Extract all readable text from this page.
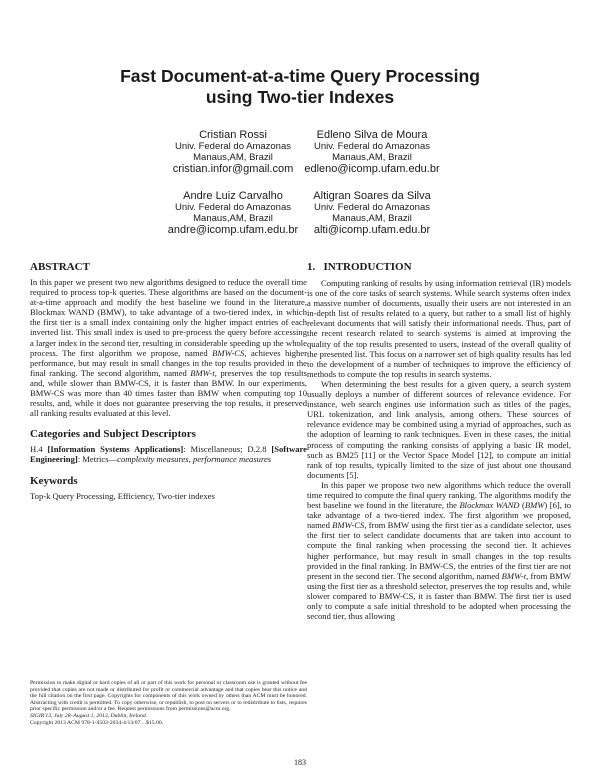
Fast Document-at-a-time Query Processing
using Two-tier Indexes
Cristian Rossi
Univ. Federal do Amazonas
Manaus,AM, Brazil
cristian.infor@gmail.com
Edleno Silva de Moura
Univ. Federal do Amazonas
Manaus,AM, Brazil
edleno@icomp.ufam.edu.br
Andre Luiz Carvalho
Univ. Federal do Amazonas
Manaus,AM, Brazil
andre@icomp.ufam.edu.br
Altigran Soares da Silva
Univ. Federal do Amazonas
Manaus,AM, Brazil
alti@icomp.ufam.edu.br
ABSTRACT

In this paper we present two new algorithms designed to reduce the overall time required to process top-k queries. These algorithms are based on the document-at-a-time approach and modify the best baseline we found in the literature, Blockmax WAND (BMW), to take advantage of a two-tiered index, in which the first tier is a small index containing only the higher impact entries of each inverted list. This small index is used to pre-process the query before accessing a larger index in the second tier, resulting in considerable speeding up the whole process. The first algorithm we propose, named BMW-CS, achieves higher performance, but may result in small changes in the top results provided in the final ranking. The second algorithm, named BMW-t, preserves the top results and, while slower than BMW-CS, it is faster than BMW. In our experiments, BMW-CS was more than 40 times faster than BMW when computing top 10 results, and, while it does not guarantee preserving the top results, it preserved all ranking results evaluated at this level.

Categories and Subject Descriptors

H.4 [Information Systems Applications]: Miscellaneous; D.2.8 [Software Engineering]: Metrics—complexity measures, performance measures

Keywords

Top-k Query Processing, Efficiency, Two-tier indexes

Permission to make digital or hard copies of all or part of this work for personal or classroom use is granted without fee provided that copies are not made or distributed for profit or commercial advantage and that copies bear this notice and the full citation on the first page. Copyrights for components of this work owned by others than ACM must be honored. Abstracting with credit is permitted. To copy otherwise, or republish, to post on servers or to redistribute to lists, requires prior specific permission and/or a fee. Request permissions from permissions@acm.org.
SIGIR'13, July 28–August 1, 2013, Dublin, Ireland.
Copyright 2013 ACM 978-1-4503-2034-4/13/07 ...$15.00.
1.   INTRODUCTION

Computing ranking of results by using information retrieval (IR) models is one of the core tasks of search systems. While search systems often index a massive number of documents, usually their users are not interested in an in-depth list of results related to a query, but rather to a small list of highly relevant documents that will satisfy their informational needs. Thus, part of the recent research related to search systems is aimed at improving the quality of the top results presented to users, instead of the overall quality of the presented list. This focus on a narrower set of high quality results has led to the development of a number of techniques to improve the efficiency of methods to compute the top results in search systems.

When determining the best results for a given query, a search system usually deploys a number of different sources of relevance evidence. For instance, web search engines use information such as titles of the pages, URL tokenization, and link analysis, among others. These sources of relevance evidence may be combined using a myriad of approaches, such as the adoption of learning to rank techniques. Even in these cases, the initial process of computing the ranking consists of applying a basic IR model, such as BM25 [11] or the Vector Space Model [12], to compute an initial rank of top results, typically limited to the size of just about one thousand documents [5].

In this paper we propose two new algorithms which reduce the overall time required to compute the final query ranking. The algorithms modify the best baseline we found in the literature, the Blockmax WAND (BMW) [6], to take advantage of a two-tiered index. The first algorithm we proposed, named BMW-CS, from BMW using the first tier as a candidate selector, uses the first tier to select candidate documents that are taken into account to compute the final ranking when processing the second tier. It achieves higher performance, but may result in small changes in the top results provided in the final ranking. In BMW-CS, the entries of the first tier are not present in the second tier. The second algorithm, named BMW-t, from BMW using the first tier as a threshold selector, preserves the top results and, while slower compared to BMW-CS, it is faster than BMW. The first tier is used only to compute a safe initial threshold to be adopted when processing the second tier, thus allowing

183
